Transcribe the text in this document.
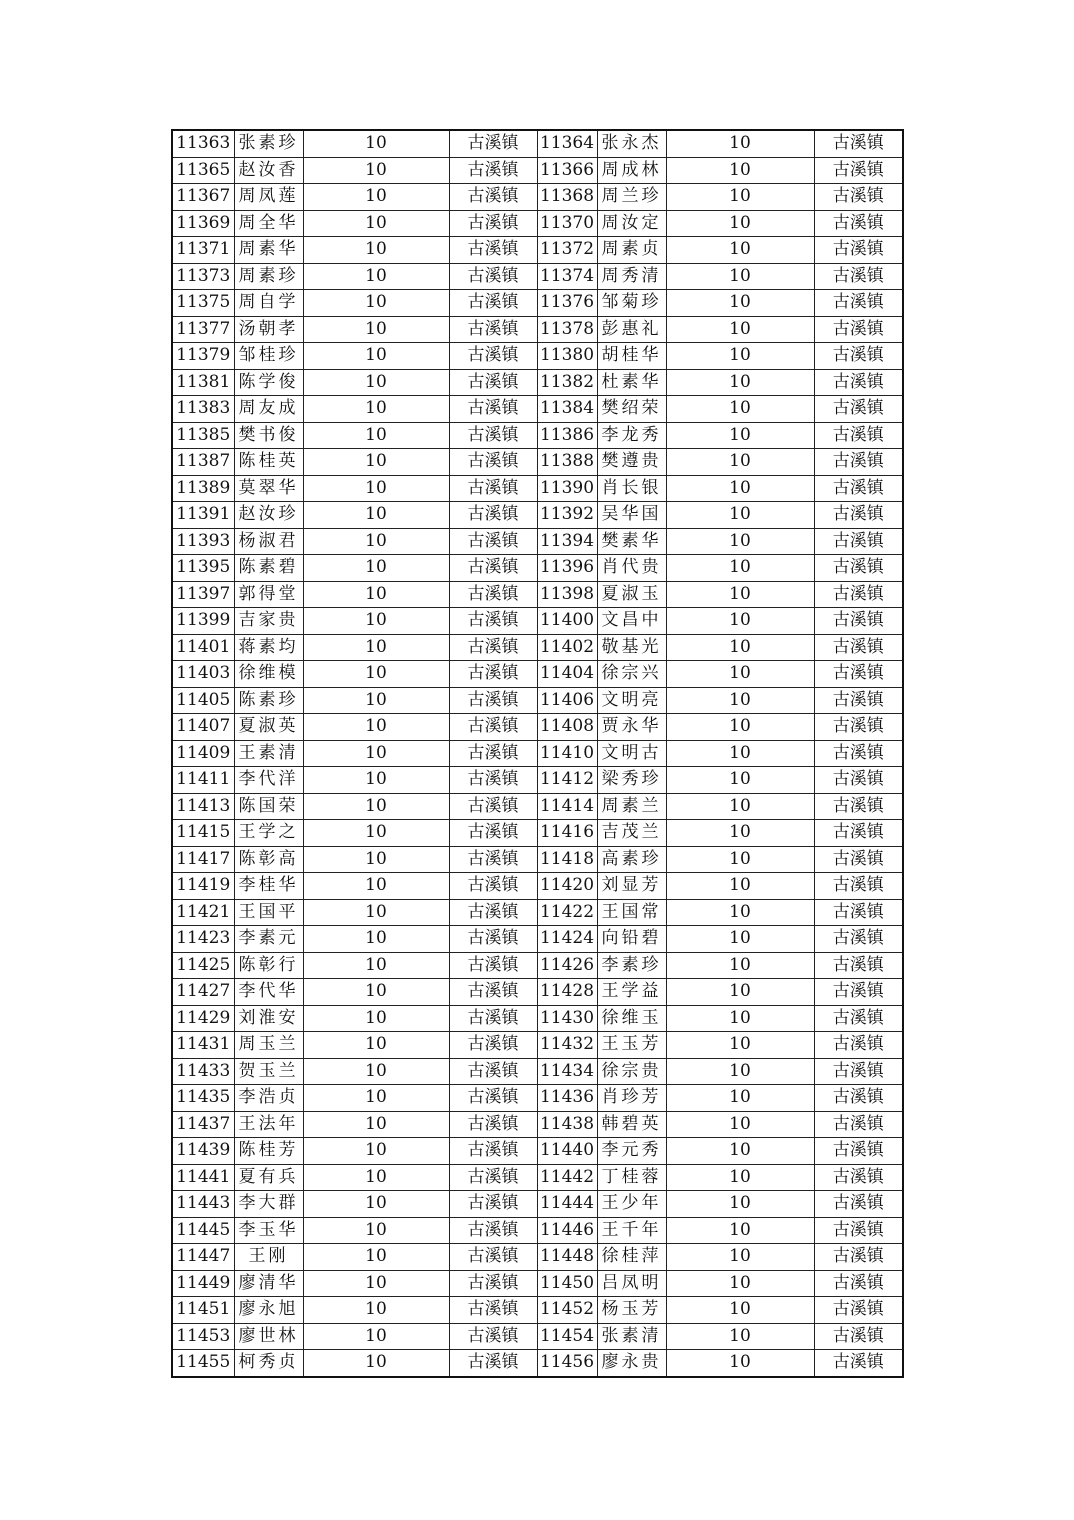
11363	张素珍	10	古溪镇	11364	张永杰	10	古溪镇
11365	赵汝香	10	古溪镇	11366	周成林	10	古溪镇
11367	周凤莲	10	古溪镇	11368	周兰珍	10	古溪镇
11369	周全华	10	古溪镇	11370	周汝定	10	古溪镇
11371	周素华	10	古溪镇	11372	周素贞	10	古溪镇
11373	周素珍	10	古溪镇	11374	周秀清	10	古溪镇
11375	周自学	10	古溪镇	11376	邹菊珍	10	古溪镇
11377	汤朝孝	10	古溪镇	11378	彭惠礼	10	古溪镇
11379	邹桂珍	10	古溪镇	11380	胡桂华	10	古溪镇
11381	陈学俊	10	古溪镇	11382	杜素华	10	古溪镇
11383	周友成	10	古溪镇	11384	樊绍荣	10	古溪镇
11385	樊书俊	10	古溪镇	11386	李龙秀	10	古溪镇
11387	陈桂英	10	古溪镇	11388	樊遵贵	10	古溪镇
11389	莫翠华	10	古溪镇	11390	肖长银	10	古溪镇
11391	赵汝珍	10	古溪镇	11392	吴华国	10	古溪镇
11393	杨淑君	10	古溪镇	11394	樊素华	10	古溪镇
11395	陈素碧	10	古溪镇	11396	肖代贵	10	古溪镇
11397	郭得堂	10	古溪镇	11398	夏淑玉	10	古溪镇
11399	吉家贵	10	古溪镇	11400	文昌中	10	古溪镇
11401	蒋素均	10	古溪镇	11402	敬基光	10	古溪镇
11403	徐维模	10	古溪镇	11404	徐宗兴	10	古溪镇
11405	陈素珍	10	古溪镇	11406	文明亮	10	古溪镇
11407	夏淑英	10	古溪镇	11408	贾永华	10	古溪镇
11409	王素清	10	古溪镇	11410	文明古	10	古溪镇
11411	李代洋	10	古溪镇	11412	梁秀珍	10	古溪镇
11413	陈国荣	10	古溪镇	11414	周素兰	10	古溪镇
11415	王学之	10	古溪镇	11416	吉茂兰	10	古溪镇
11417	陈彰高	10	古溪镇	11418	高素珍	10	古溪镇
11419	李桂华	10	古溪镇	11420	刘显芳	10	古溪镇
11421	王国平	10	古溪镇	11422	王国常	10	古溪镇
11423	李素元	10	古溪镇	11424	向铅碧	10	古溪镇
11425	陈彰行	10	古溪镇	11426	李素珍	10	古溪镇
11427	李代华	10	古溪镇	11428	王学益	10	古溪镇
11429	刘淮安	10	古溪镇	11430	徐维玉	10	古溪镇
11431	周玉兰	10	古溪镇	11432	王玉芳	10	古溪镇
11433	贺玉兰	10	古溪镇	11434	徐宗贵	10	古溪镇
11435	李浩贞	10	古溪镇	11436	肖珍芳	10	古溪镇
11437	王法年	10	古溪镇	11438	韩碧英	10	古溪镇
11439	陈桂芳	10	古溪镇	11440	李元秀	10	古溪镇
11441	夏有兵	10	古溪镇	11442	丁桂蓉	10	古溪镇
11443	李大群	10	古溪镇	11444	王少年	10	古溪镇
11445	李玉华	10	古溪镇	11446	王千年	10	古溪镇
11447	王刚	10	古溪镇	11448	徐桂萍	10	古溪镇
11449	廖清华	10	古溪镇	11450	吕凤明	10	古溪镇
11451	廖永旭	10	古溪镇	11452	杨玉芳	10	古溪镇
11453	廖世林	10	古溪镇	11454	张素清	10	古溪镇
11455	柯秀贞	10	古溪镇	11456	廖永贵	10	古溪镇
